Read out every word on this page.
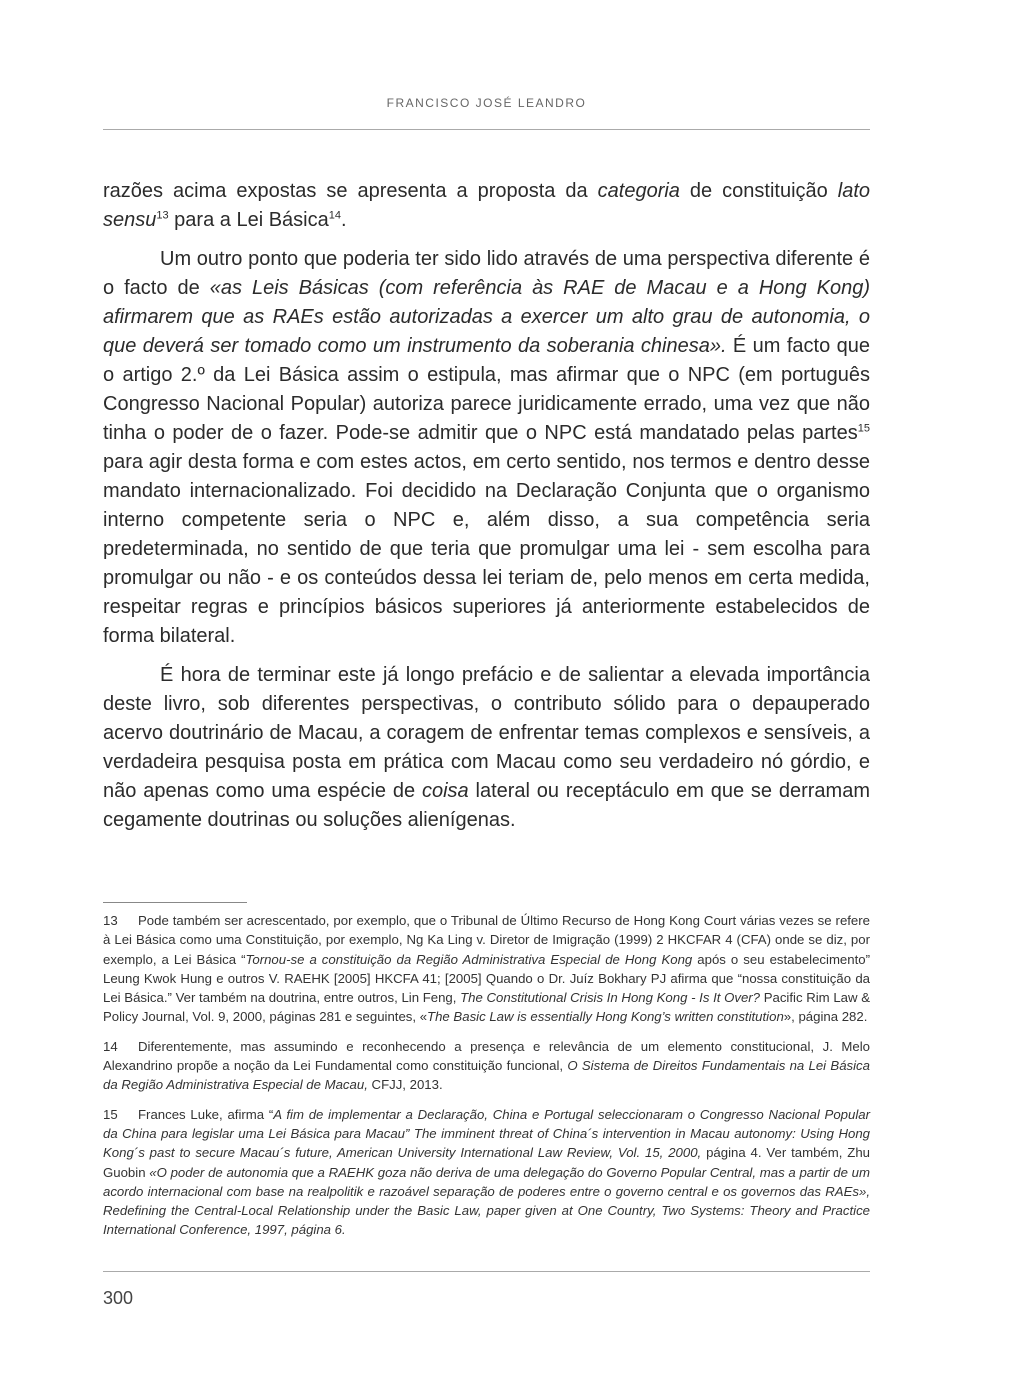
FRANCISCO JOSÉ LEANDRO

razões acima expostas se apresenta a proposta da categoria de constituição lato sensu$^{13}$ para a Lei Básica$^{14}$.

Um outro ponto que poderia ter sido lido através de uma perspectiva diferente é o facto de «as Leis Básicas (com referência às RAE de Macau e a Hong Kong) afirmarem que as RAEs estão autorizadas a exercer um alto grau de autonomia, o que deverá ser tomado como um instrumento da soberania chinesa». É um facto que o artigo 2.º da Lei Básica assim o estipula, mas afirmar que o NPC (em português Congresso Nacional Popular) autoriza parece juridicamente errado, uma vez que não tinha o poder de o fazer. Pode-se admitir que o NPC está mandatado pelas partes$^{15}$ para agir desta forma e com estes actos, em certo sentido, nos termos e dentro desse mandato internacionalizado. Foi decidido na Declaração Conjunta que o organismo interno competente seria o NPC e, além disso, a sua competência seria predeterminada, no sentido de que teria que promulgar uma lei - sem escolha para promulgar ou não - e os conteúdos dessa lei teriam de, pelo menos em certa medida, respeitar regras e princípios básicos superiores já anteriormente estabelecidos de forma bilateral.

É hora de terminar este já longo prefácio e de salientar a elevada importância deste livro, sob diferentes perspectivas, o contributo sólido para o depauperado acervo doutrinário de Macau, a coragem de enfrentar temas complexos e sensíveis, a verdadeira pesquisa posta em prática com Macau como seu verdadeiro nó górdio, e não apenas como uma espécie de coisa lateral ou receptáculo em que se derramam cegamente doutrinas ou soluções alienígenas.

13 Pode também ser acrescentado, por exemplo, que o Tribunal de Último Recurso de Hong Kong Court várias vezes se refere à Lei Básica como uma Constituição, por exemplo, Ng Ka Ling v. Diretor de Imigração (1999) 2 HKCFAR 4 (CFA) onde se diz, por exemplo, a Lei Básica “Tornou-se a constituição da Região Administrativa Especial de Hong Kong após o seu estabelecimento” Leung Kwok Hung e outros V. RAEHK [2005] HKCFA 41; [2005] Quando o Dr. Juíz Bokhary PJ afirma que “nossa constituição da Lei Básica.” Ver também na doutrina, entre outros, Lin Feng, The Constitutional Crisis In Hong Kong - Is It Over? Pacific Rim Law & Policy Journal, Vol. 9, 2000, páginas 281 e seguintes, «The Basic Law is essentially Hong Kong’s written constitution», página 282.

14 Diferentemente, mas assumindo e reconhecendo a presença e relevância de um elemento constitucional, J. Melo Alexandrino propõe a noção da Lei Fundamental como constituição funcional, O Sistema de Direitos Fundamentais na Lei Básica da Região Administrativa Especial de Macau, CFJJ, 2013.

15 Frances Luke, afirma “A fim de implementar a Declaração, China e Portugal seleccionaram o Congresso Nacional Popular da China para legislar uma Lei Básica para Macau” The imminent threat of China´s intervention in Macau autonomy: Using Hong Kong´s past to secure Macau´s future, American University International Law Review, Vol. 15, 2000, página 4. Ver também, Zhu Guobin «O poder de autonomia que a RAEHK goza não deriva de uma delegação do Governo Popular Central, mas a partir de um acordo internacional com base na realpolitik e razoável separação de poderes entre o governo central e os governos das RAEs», Redefining the Central-Local Relationship under the Basic Law, paper given at One Country, Two Systems: Theory and Practice International Conference, 1997, página 6.

300
